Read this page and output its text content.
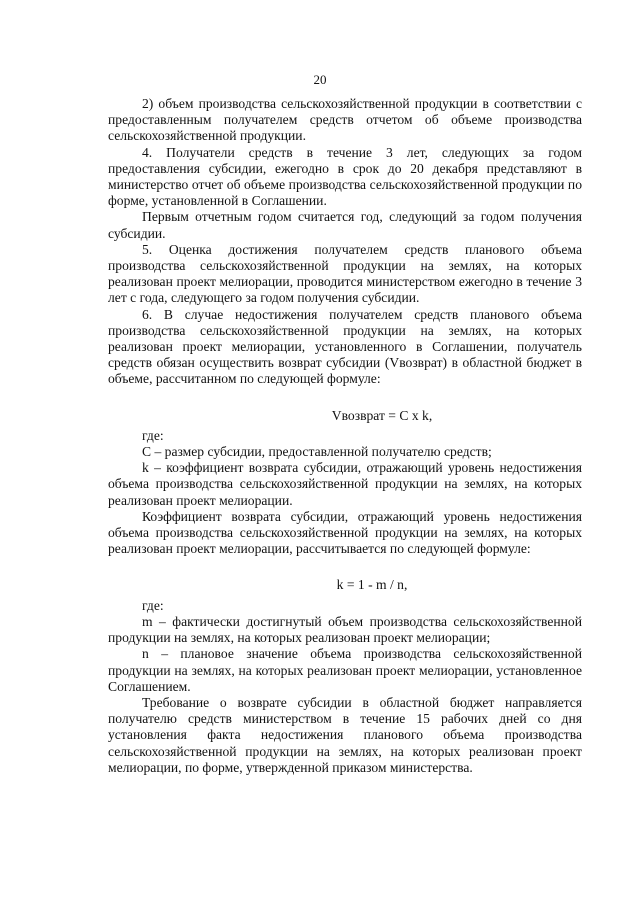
20

2) объем производства сельскохозяйственной продукции в соответствии с предоставленным получателем средств отчетом об объеме производства сельскохозяйственной продукции.

4. Получатели средств в течение 3 лет, следующих за годом предоставления субсидии, ежегодно в срок до 20 декабря представляют в министерство отчет об объеме производства сельскохозяйственной продукции по форме, установленной в Соглашении.

Первым отчетным годом считается год, следующий за годом получения субсидии.

5. Оценка достижения получателем средств планового объема производства сельскохозяйственной продукции на землях, на которых реализован проект мелиорации, проводится министерством ежегодно в течение 3 лет с года, следующего за годом получения субсидии.

6. В случае недостижения получателем средств планового объема производства сельскохозяйственной продукции на землях, на которых реализован проект мелиорации, установленного в Соглашении, получатель средств обязан осуществить возврат субсидии (Vвозврат) в областной бюджет в объеме, рассчитанном по следующей формуле:

Vвозврат = C x k,

где:

С – размер субсидии, предоставленной получателю средств;

k – коэффициент возврата субсидии, отражающий уровень недостижения объема производства сельскохозяйственной продукции на землях, на которых реализован проект мелиорации.

Коэффициент возврата субсидии, отражающий уровень недостижения объема производства сельскохозяйственной продукции на землях, на которых реализован проект мелиорации, рассчитывается по следующей формуле:

k = 1 - m / n,

где:

m – фактически достигнутый объем производства сельскохозяйственной продукции на землях, на которых реализован проект мелиорации;

n – плановое значение объема производства сельскохозяйственной продукции на землях, на которых реализован проект мелиорации, установленное Соглашением.

Требование о возврате субсидии в областной бюджет направляется получателю средств министерством в течение 15 рабочих дней со дня установления факта недостижения планового объема производства сельскохозяйственной продукции на землях, на которых реализован проект мелиорации, по форме, утвержденной приказом министерства.
